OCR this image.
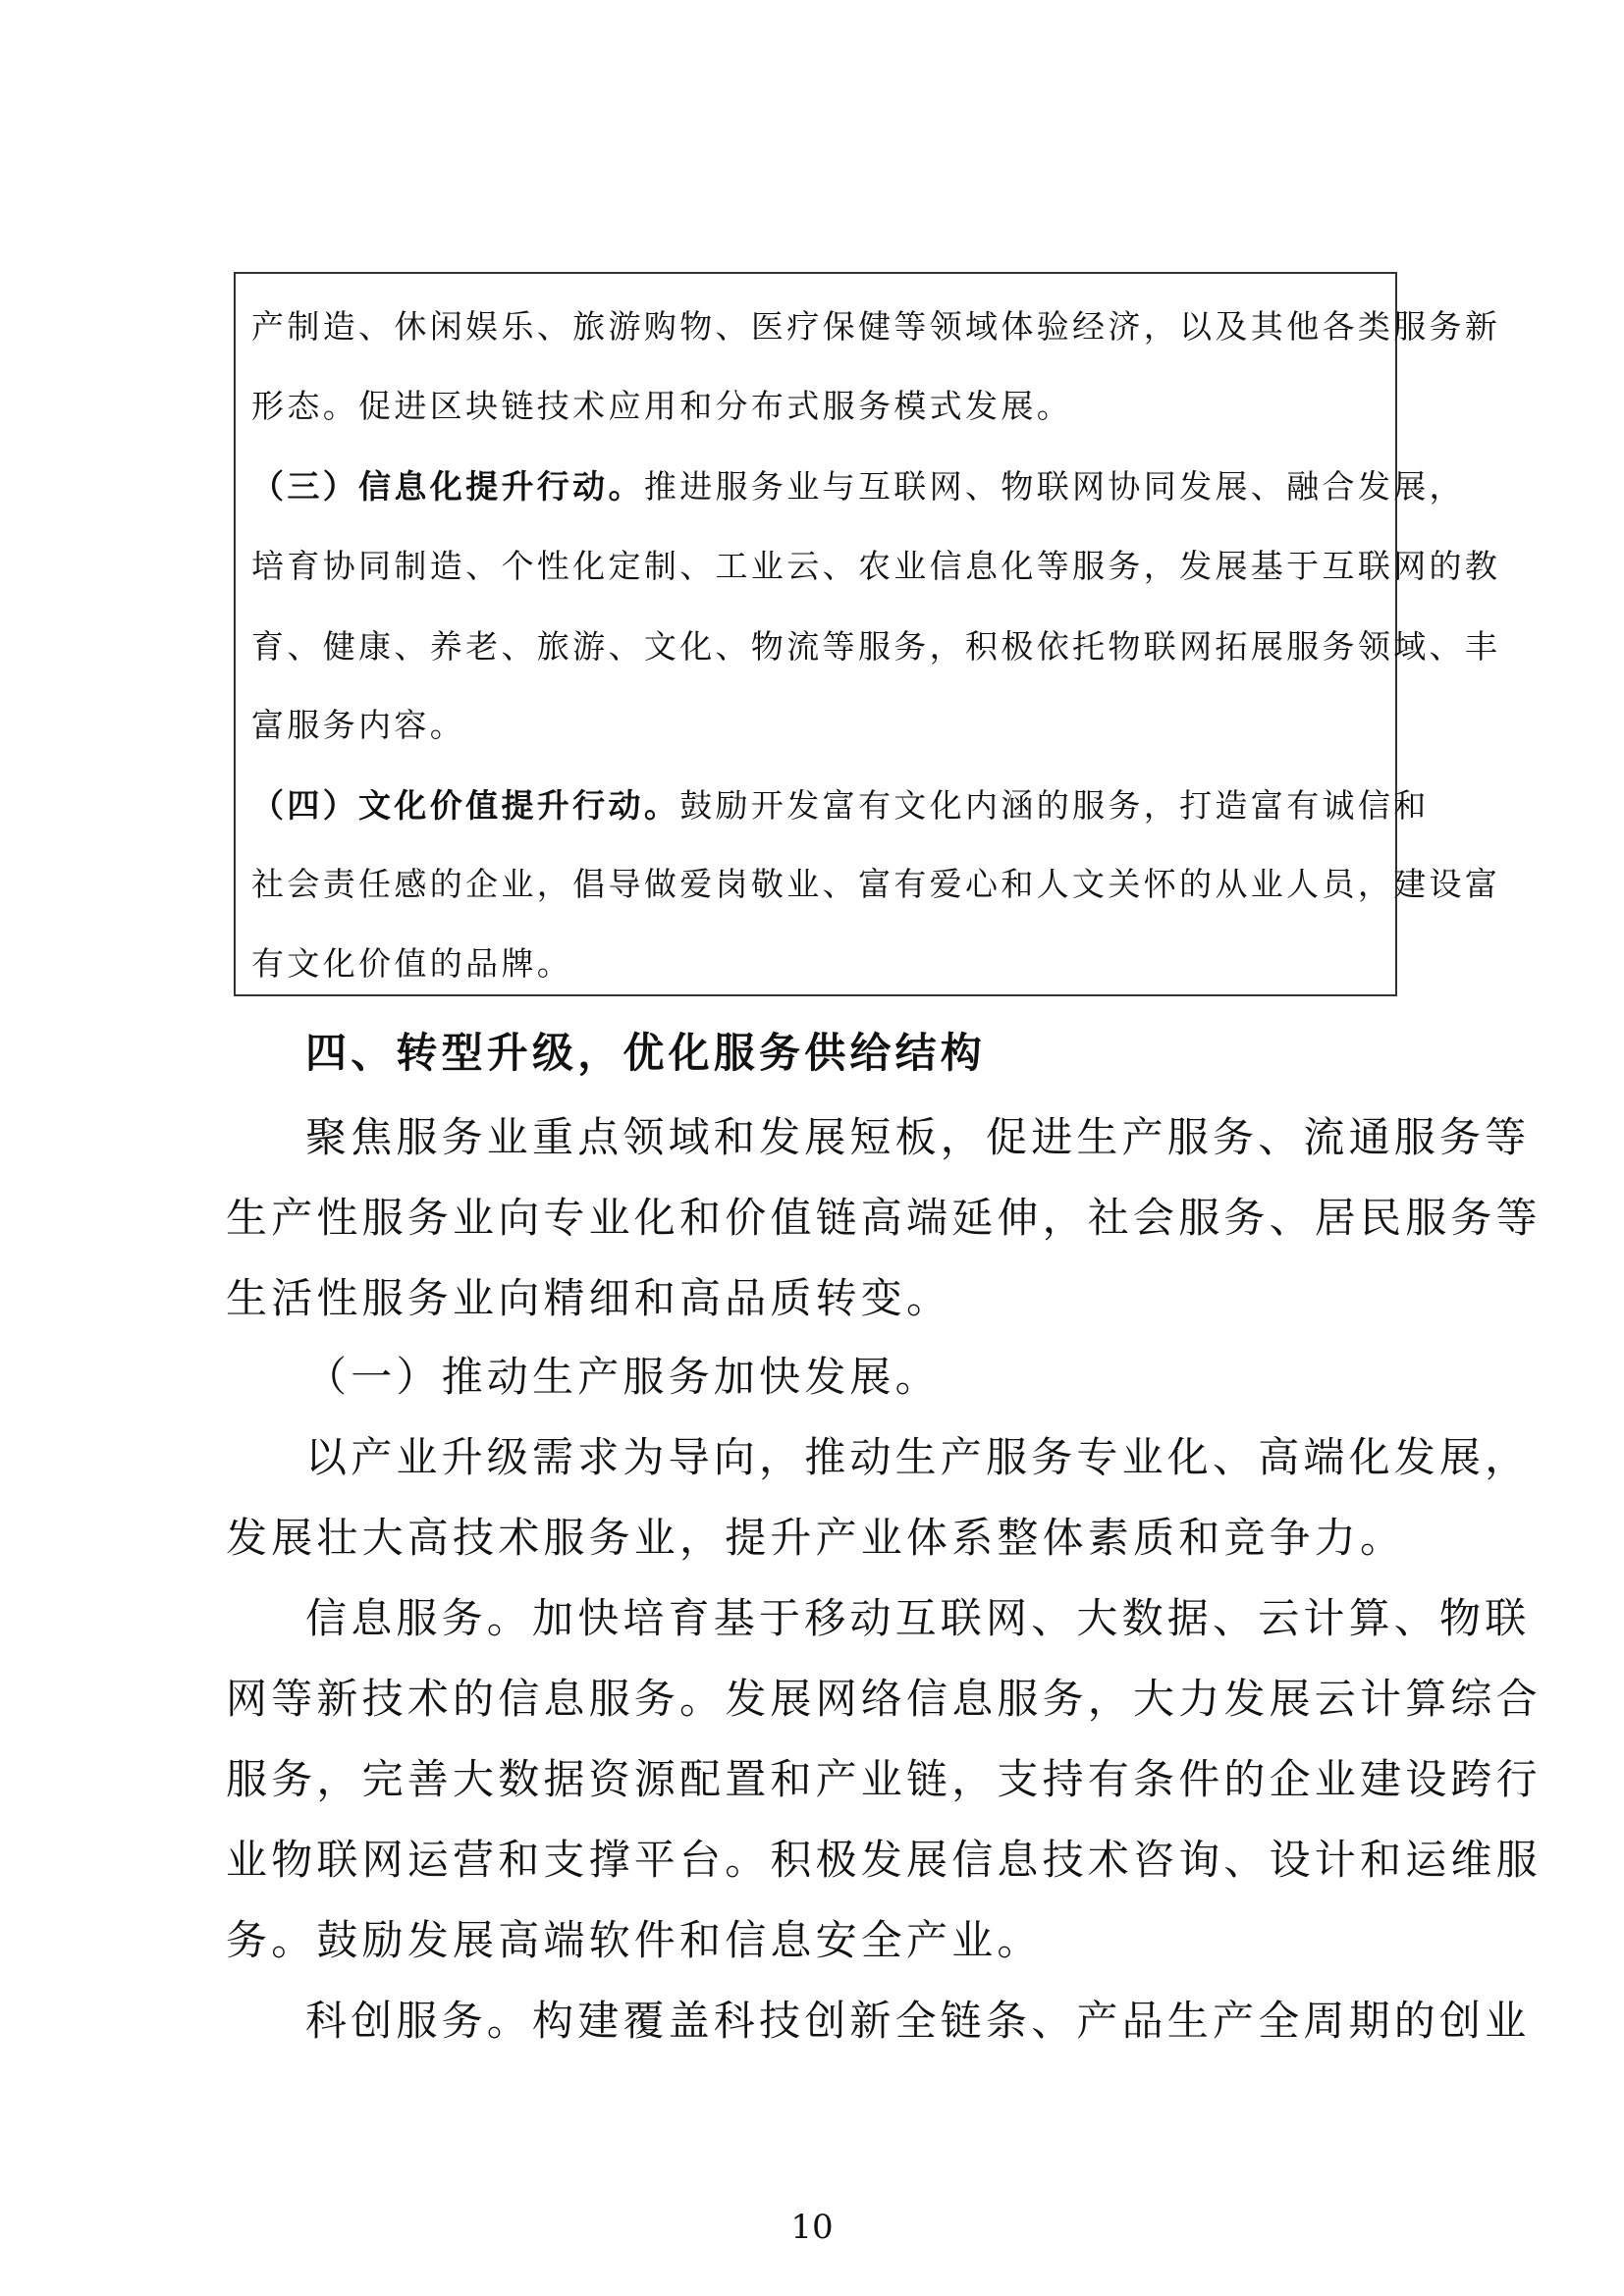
产制造、休闲娱乐、旅游购物、医疗保健等领域体验经济，以及其他各类服务新
形态。促进区块链技术应用和分布式服务模式发展。
（三）信息化提升行动。推进服务业与互联网、物联网协同发展、融合发展，
培育协同制造、个性化定制、工业云、农业信息化等服务，发展基于互联网的教
育、健康、养老、旅游、文化、物流等服务，积极依托物联网拓展服务领域、丰
富服务内容。
（四）文化价值提升行动。鼓励开发富有文化内涵的服务，打造富有诚信和
社会责任感的企业，倡导做爱岗敬业、富有爱心和人文关怀的从业人员，建设富
有文化价值的品牌。
四、转型升级，优化服务供给结构
聚焦服务业重点领域和发展短板，促进生产服务、流通服务等
生产性服务业向专业化和价值链高端延伸，社会服务、居民服务等
生活性服务业向精细和高品质转变。
（一）推动生产服务加快发展。
以产业升级需求为导向，推动生产服务专业化、高端化发展，
发展壮大高技术服务业，提升产业体系整体素质和竞争力。
信息服务。加快培育基于移动互联网、大数据、云计算、物联
网等新技术的信息服务。发展网络信息服务，大力发展云计算综合
服务，完善大数据资源配置和产业链，支持有条件的企业建设跨行
业物联网运营和支撑平台。积极发展信息技术咨询、设计和运维服
务。鼓励发展高端软件和信息安全产业。
科创服务。构建覆盖科技创新全链条、产品生产全周期的创业
10
